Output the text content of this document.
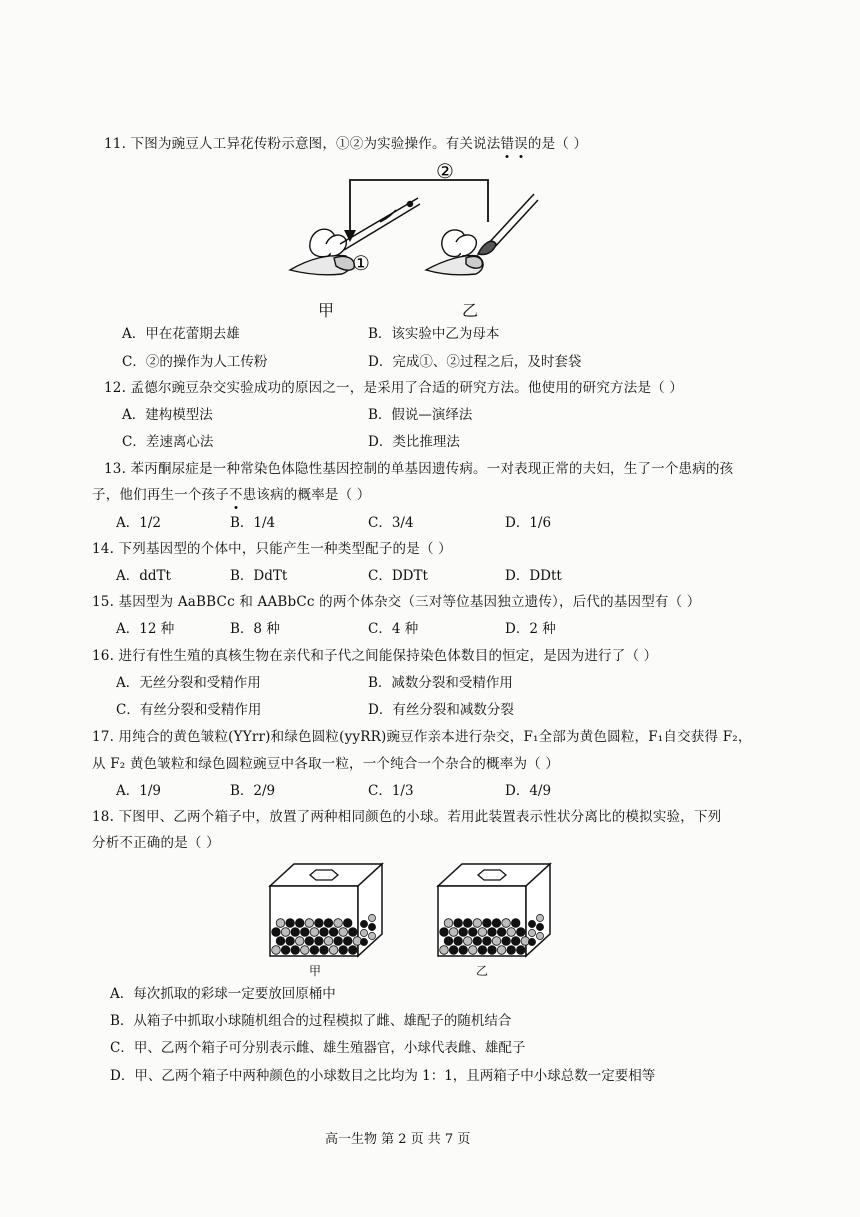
11. 下图为豌豆人工异花传粉示意图，①②为实验操作。有关说法错
误
的是（ ）
①
②
甲	乙
A．甲在花蕾期去雄	B．该实验中乙为母本
C．②的操作为人工传粉	D．完成①、②过程之后，及时套袋
12. 孟德尔豌豆杂交实验成功的原因之一，是采用了合适的研究方法。他使用的研究方法是（ ）
A．建构模型法	B．假说—演绎法
C．差速离心法	D．类比推理法
13. 苯丙酮尿症是一种常染色体隐性基因控制的单基因遗传病。一对表现正常的夫妇，生了一个患病的孩
子，他们再生一个孩子不
患该病的概率是（ ）
A．1/2	B．1/4	C．3/4	D．1/6
14. 下列基因型的个体中，只能产生一种类型配子的是（ ）
A．ddTt	B．DdTt	C．DDTt	D．DDtt
15. 基因型为 AaBBCc 和 AABbCc 的两个体杂交（三对等位基因独立遗传），后代的基因型有（ ）
A．12 种	B．8 种	C．4 种	D．2 种
16. 进行有性生殖的真核生物在亲代和子代之间能保持染色体数目的恒定，是因为进行了（ ）
A．无丝分裂和受精作用	B．减数分裂和受精作用
C．有丝分裂和受精作用	D．有丝分裂和减数分裂
17. 用纯合的黄色皱粒(YYrr)和绿色圆粒(yyRR)豌豆作亲本进行杂交，F₁全部为黄色圆粒，F₁自交获得 F₂，
从 F₂ 黄色皱粒和绿色圆粒豌豆中各取一粒，一个纯合一个杂合的概率为（ ）
A．1/9	B．2/9	C．1/3	D．4/9
18. 下图甲、乙两个箱子中，放置了两种相同颜色的小球。若用此装置表示性状分离比的模拟实验，下列
分析不正确的是（ ）
甲	乙
A．每次抓取的彩球一定要放回原桶中
B．从箱子中抓取小球随机组合的过程模拟了雌、雄配子的随机结合
C．甲、乙两个箱子可分别表示雌、雄生殖器官，小球代表雌、雄配子
D．甲、乙两个箱子中两种颜色的小球数目之比均为 1：1，且两箱子中小球总数一定要相等
高一生物 第 2 页 共 7 页
